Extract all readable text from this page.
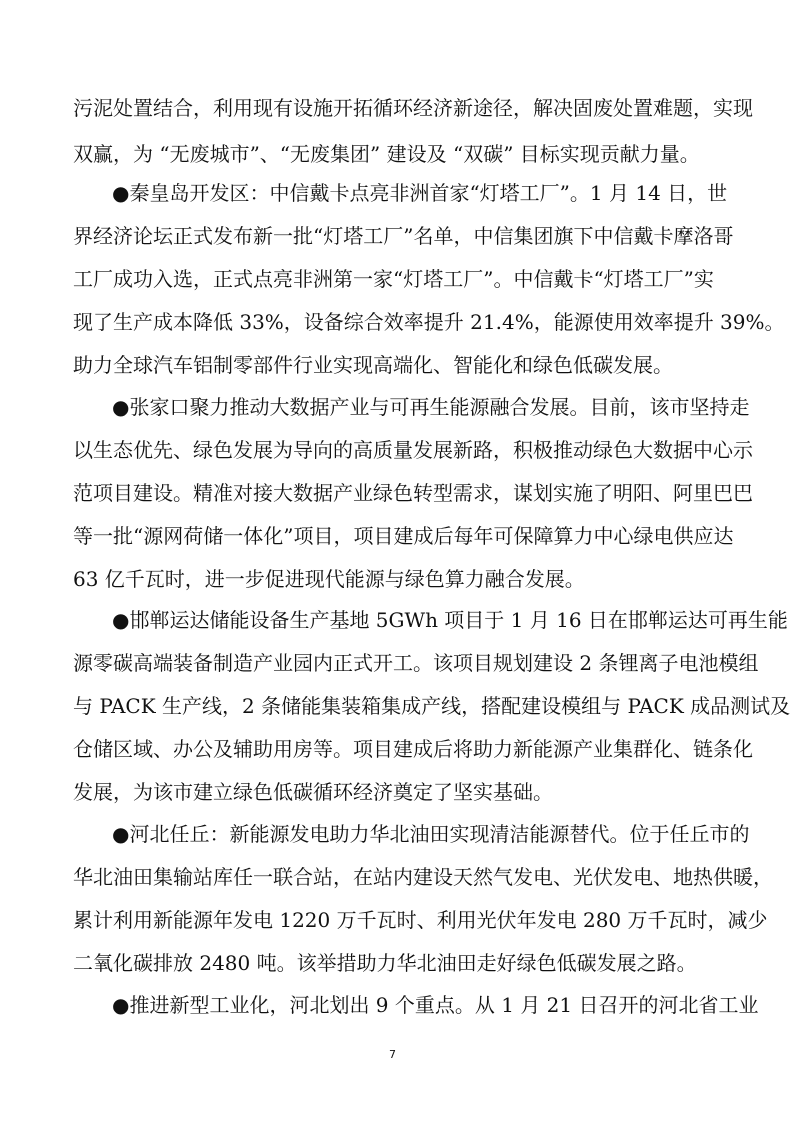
污泥处置结合，利用现有设施开拓循环经济新途径，解决固废处置难题，实现
双赢，为 “无废城市”、“无废集团” 建设及 “双碳” 目标实现贡献力量。
●秦皇岛开发区：中信戴卡点亮非洲首家“灯塔工厂”。1 月 14 日，世
界经济论坛正式发布新一批“灯塔工厂”名单，中信集团旗下中信戴卡摩洛哥
工厂成功入选，正式点亮非洲第一家“灯塔工厂”。中信戴卡“灯塔工厂”实
现了生产成本降低 33%，设备综合效率提升 21.4%，能源使用效率提升 39%。
助力全球汽车铝制零部件行业实现高端化、智能化和绿色低碳发展。
●张家口聚力推动大数据产业与可再生能源融合发展。目前，该市坚持走
以生态优先、绿色发展为导向的高质量发展新路，积极推动绿色大数据中心示
范项目建设。精准对接大数据产业绿色转型需求，谋划实施了明阳、阿里巴巴
等一批“源网荷储一体化”项目，项目建成后每年可保障算力中心绿电供应达
63 亿千瓦时，进一步促进现代能源与绿色算力融合发展。
●邯郸运达储能设备生产基地 5GWh 项目于 1 月 16 日在邯郸运达可再生能
源零碳高端装备制造产业园内正式开工。该项目规划建设 2 条锂离子电池模组
与 PACK 生产线，2 条储能集装箱集成产线，搭配建设模组与 PACK 成品测试及
仓储区域、办公及辅助用房等。项目建成后将助力新能源产业集群化、链条化
发展，为该市建立绿色低碳循环经济奠定了坚实基础。
●河北任丘：新能源发电助力华北油田实现清洁能源替代。位于任丘市的
华北油田集输站库任一联合站，在站内建设天然气发电、光伏发电、地热供暖，
累计利用新能源年发电 1220 万千瓦时、利用光伏年发电 280 万千瓦时，减少
二氧化碳排放 2480 吨。该举措助力华北油田走好绿色低碳发展之路。
●推进新型工业化，河北划出 9 个重点。从 1 月 21 日召开的河北省工业
7
